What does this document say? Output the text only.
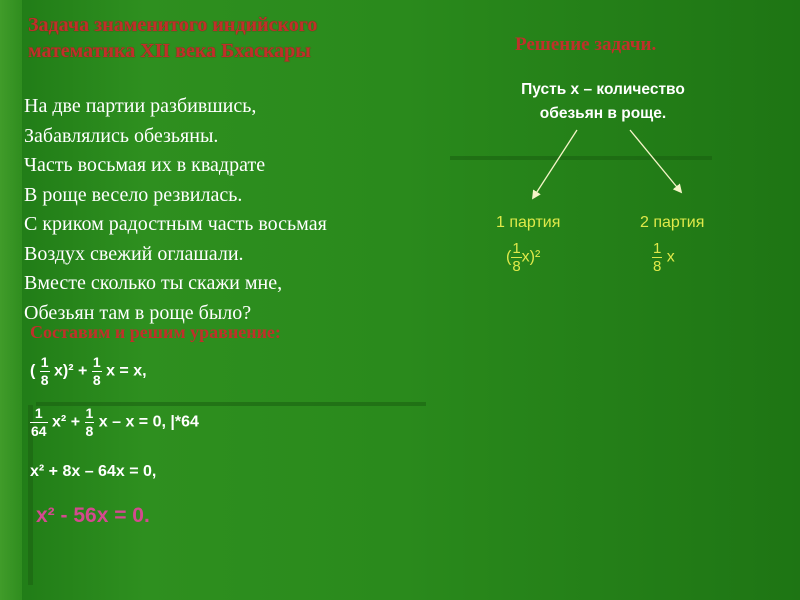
Задача знаменитого индийского
математика XII века Бхаскары	Решение задачи.
На две партии разбившись,
Забавлялись обезьяны.
Часть восьмая их в квадрате
В роще весело резвилась.
С криком радостным часть восьмая
Воздух свежий оглашали.
Вместе сколько ты скажи мне,
Обезьян там в роще было?
Пусть х – количество
обезьян в роще.
1 партия	2 партия
( $\frac{1}{8} х)^2$	$\frac{1}{8}$ х
Составим и решим уравнение:
( $\frac{1}{8} х)^2 + \frac{1}{8}$ х = х,
$\frac{1}{64} х^2 + \frac{1}{8}$ х – х = 0, |*64
х² + 8х – 64х = 0,
х² - 56х = 0.
